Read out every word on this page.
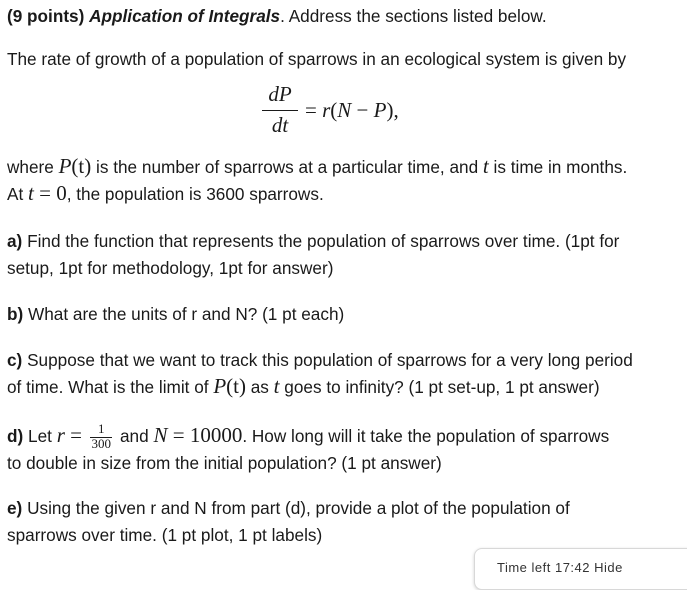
(9 points) Application of Integrals. Address the sections listed below.
The rate of growth of a population of sparrows in an ecological system is given by
dP
dt
= r(N − P),
where P(t) is the number of sparrows at a particular time, and t is time in months.
At t = 0, the population is 3600 sparrows.
a) Find the function that represents the population of sparrows over time. (1pt for
setup, 1pt for methodology, 1pt for answer)
b) What are the units of r and N? (1 pt each)
c) Suppose that we want to track this population of sparrows for a very long period
of time. What is the limit of P(t) as t goes to infinity? (1 pt set-up, 1 pt answer)
d) Let $r = \frac{1}{300}$ and N = 10000. How long will it take the population of sparrows
to double in size from the initial population? (1 pt answer)
e) Using the given r and N from part (d), provide a plot of the population of
sparrows over time. (1 pt plot, 1 pt labels)
Time left 17:42 Hide
